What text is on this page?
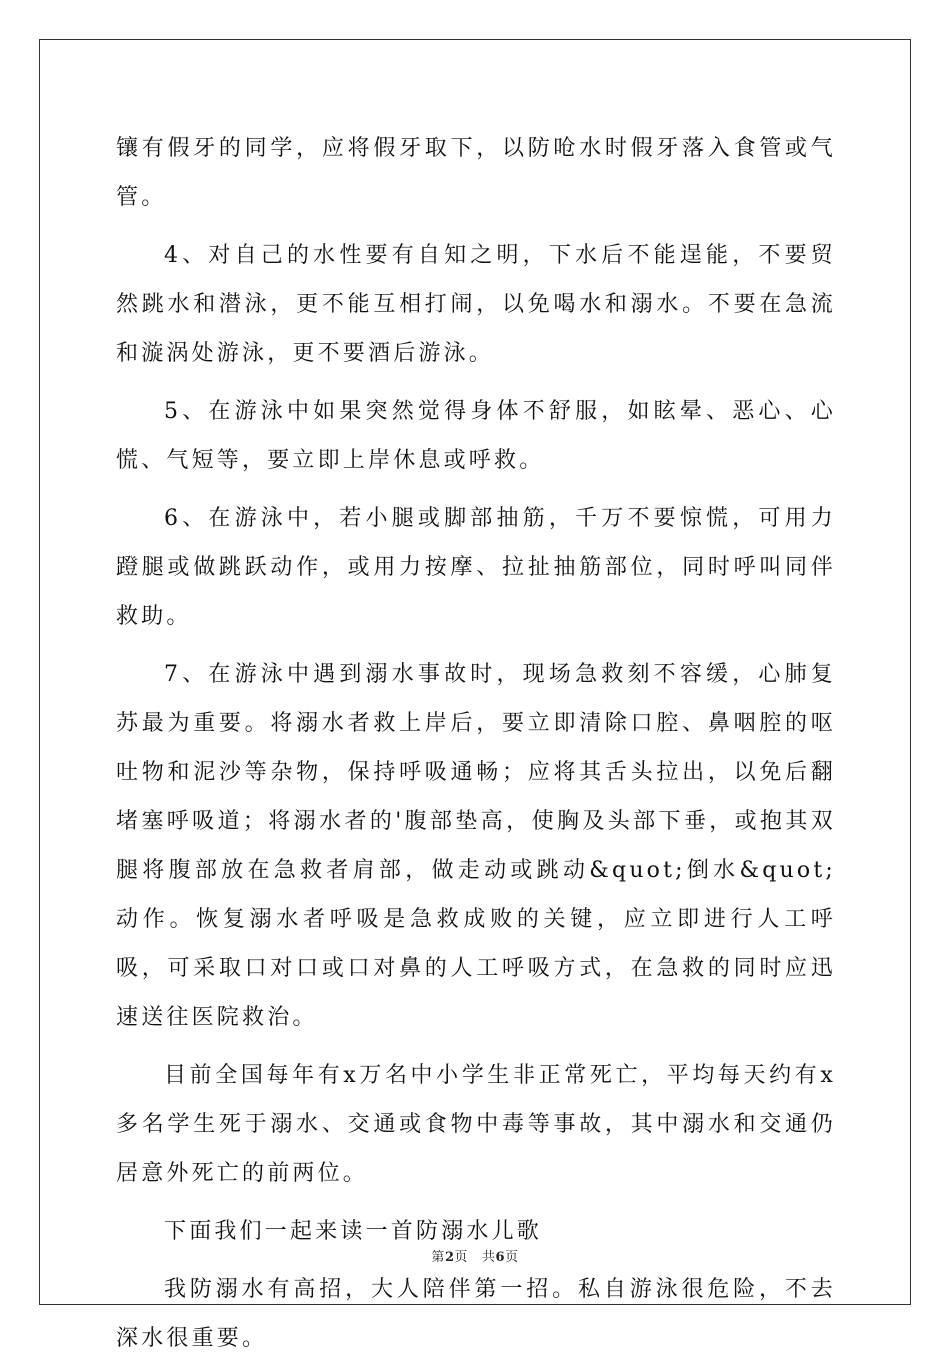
镶有假牙的同学，应将假牙取下，以防呛水时假牙落入食管或气管。

4、对自己的水性要有自知之明，下水后不能逞能，不要贸然跳水和潜泳，更不能互相打闹，以免喝水和溺水。不要在急流和漩涡处游泳，更不要酒后游泳。

5、在游泳中如果突然觉得身体不舒服，如眩晕、恶心、心慌、气短等，要立即上岸休息或呼救。

6、在游泳中，若小腿或脚部抽筋，千万不要惊慌，可用力蹬腿或做跳跃动作，或用力按摩、拉扯抽筋部位，同时呼叫同伴救助。

7、在游泳中遇到溺水事故时，现场急救刻不容缓，心肺复苏最为重要。将溺水者救上岸后，要立即清除口腔、鼻咽腔的呕吐物和泥沙等杂物，保持呼吸通畅；应将其舌头拉出，以免后翻堵塞呼吸道；将溺水者的'腹部垫高，使胸及头部下垂，或抱其双腿将腹部放在急救者肩部，做走动或跳动&quot;倒水&quot;动作。恢复溺水者呼吸是急救成败的关键，应立即进行人工呼吸，可采取口对口或口对鼻的人工呼吸方式，在急救的同时应迅速送往医院救治。

目前全国每年有x万名中小学生非正常死亡，平均每天约有x多名学生死于溺水、交通或食物中毒等事故，其中溺水和交通仍居意外死亡的前两位。

下面我们一起来读一首防溺水儿歌

我防溺水有高招，大人陪伴第一招。私自游泳很危险，不去深水很重要。

第2页 共6页
